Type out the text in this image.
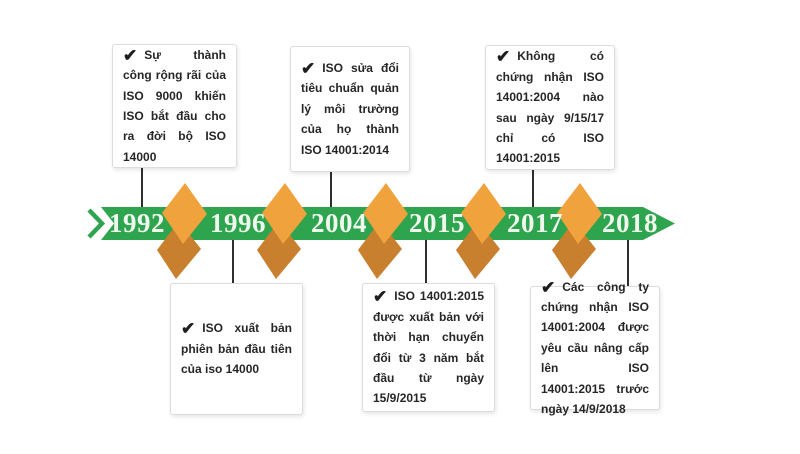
1992	1996	2004	2015	2017	2018

✔ Sự thành công rộng rãi của ISO 9000 khiến ISO bắt đầu cho ra đời bộ ISO 14000

✔ ISO sửa đổi tiêu chuẩn quản lý môi trường của họ thành ISO 14001:2014

✔ Không có chứng nhận ISO 14001:2004 nào sau ngày 9/15/17 chỉ có ISO 14001:2015

✔ ISO xuất bản phiên bản đầu tiên của iso 14000

✔ ISO 14001:2015 được xuất bản với thời hạn chuyển đổi từ 3 năm bắt đầu từ ngày 15/9/2015

✔ Các công ty chứng nhận ISO 14001:2004 được yêu cầu nâng cấp lên ISO 14001:2015 trước ngày 14/9/2018
